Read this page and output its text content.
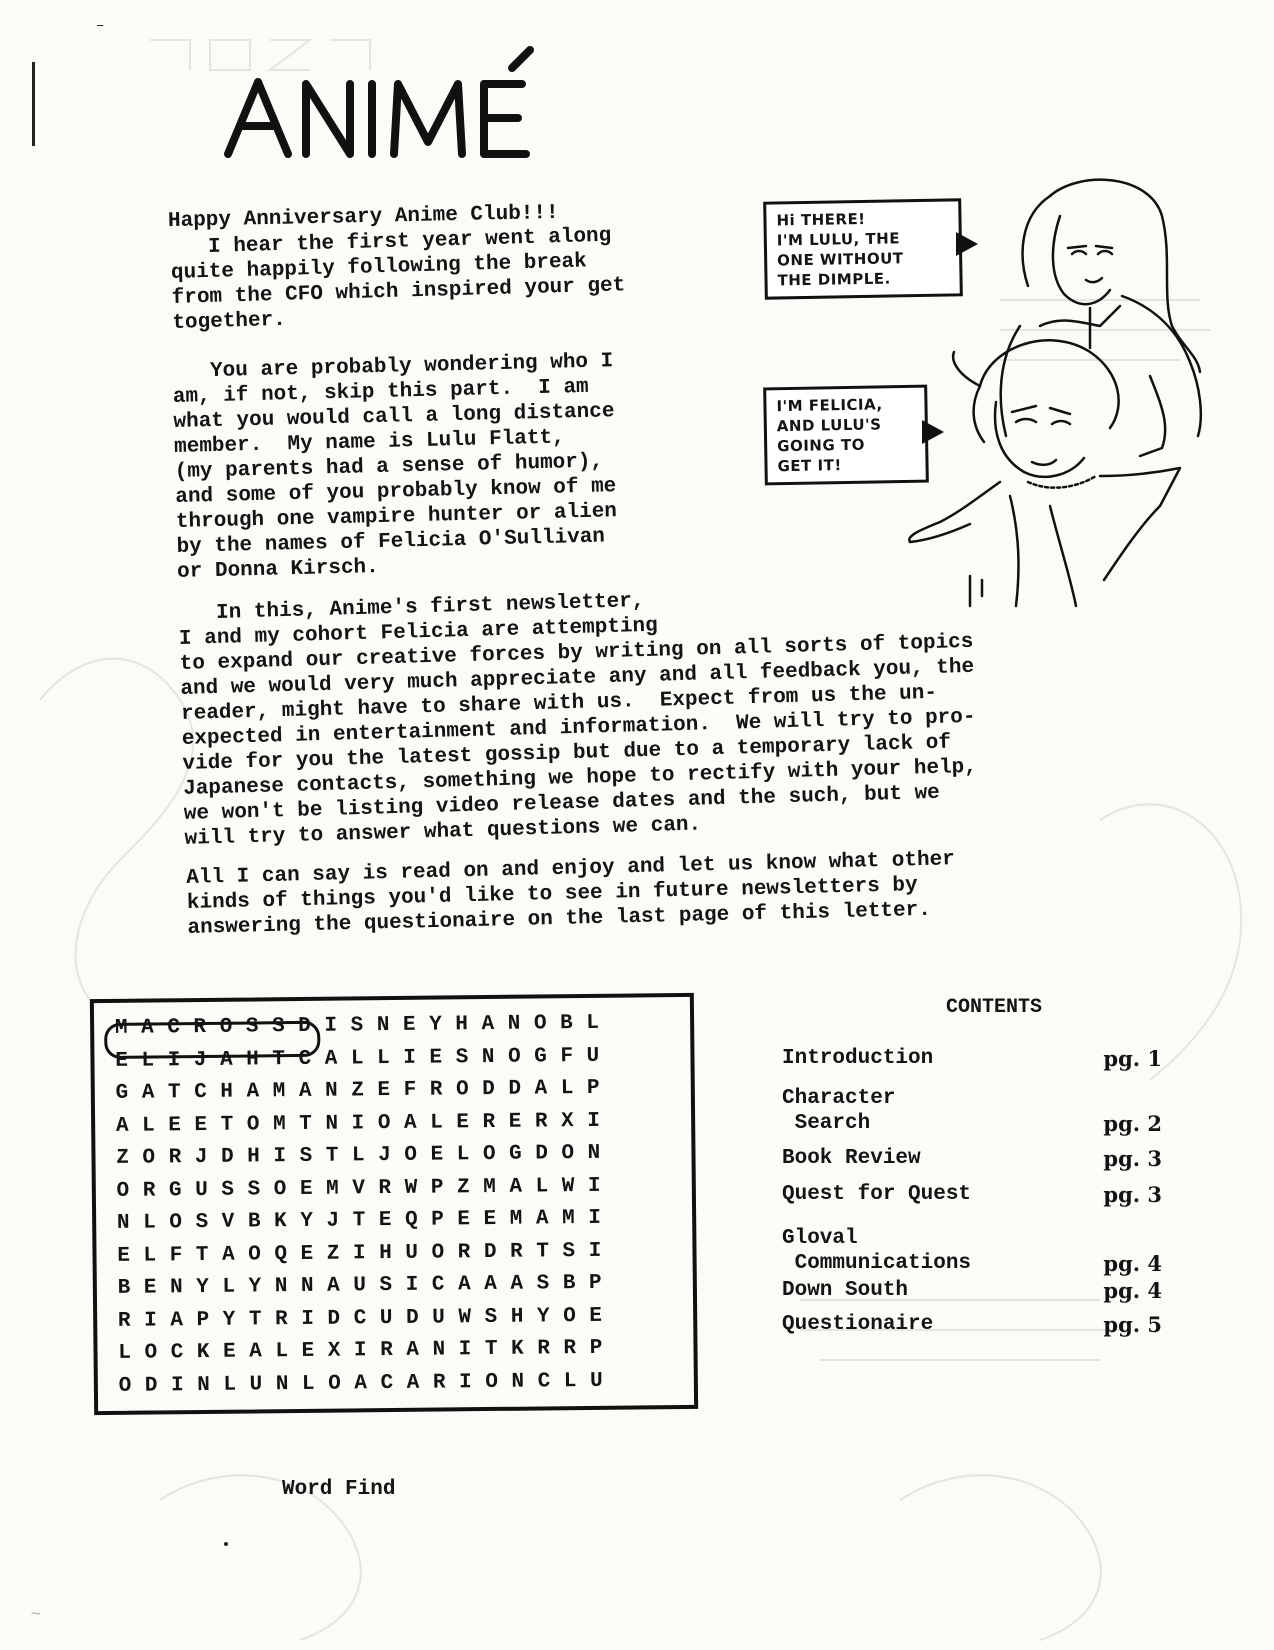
–
Happy Anniversary Anime Club!!!
I hear the first year went along
quite happily following the break
from the CFO which inspired your get
together.
You are probably wondering who I
am, if not, skip this part.  I am
what you would call a long distance
member.  My name is Lulu Flatt,
(my parents had a sense of humor),
and some of you probably know of me
through one vampire hunter or alien
by the names of Felicia O'Sullivan
or Donna Kirsch.
In this, Anime's first newsletter,
I and my cohort Felicia are attempting
to expand our creative forces by writing on all sorts of topics
and we would very much appreciate any and all feedback you, the
reader, might have to share with us.  Expect from us the un-
expected in entertainment and information.  We will try to pro-
vide for you the latest gossip but due to a temporary lack of
Japanese contacts, something we hope to rectify with your help,
we won't be listing video release dates and the such, but we
will try to answer what questions we can.
All I can say is read on and enjoy and let us know what other
kinds of things you'd like to see in future newsletters by
answering the questionaire on the last page of this letter.
Hi THERE!
I'M LULU, THE
ONE WITHOUT
THE DIMPLE.
I'M FELICIA,
AND LULU'S
GOING TO
GET IT!
M A C R O S S D I S N E Y H A N O B L
E L I J A H T C A L L I E S N O G F U
G A T C H A M A N Z E F R O D D A L P
A L E E T O M T N I O A L E R E R X I
Z O R J D H I S T L J O E L O G D O N
O R G U S S O E M V R W P Z M A L W I
N L O S V B K Y J T E Q P E E M A M I
E L F T A O Q E Z I H U O R D R T S I
B E N Y L Y N N A U S I C A A A S B P
R I A P Y T R I D C U D U W S H Y O E
L O C K E A L E X I R A N I T K R R P
O D I N L U N L O A C A R I O N C L U
Word Find
CONTENTS
Introduction	pg. 1
Character
Search	pg. 2
Book Review	pg. 3
Quest for Quest	pg. 3
Gloval
Communications	pg. 4
Down South	pg. 4
Questionaire	pg. 5
~
